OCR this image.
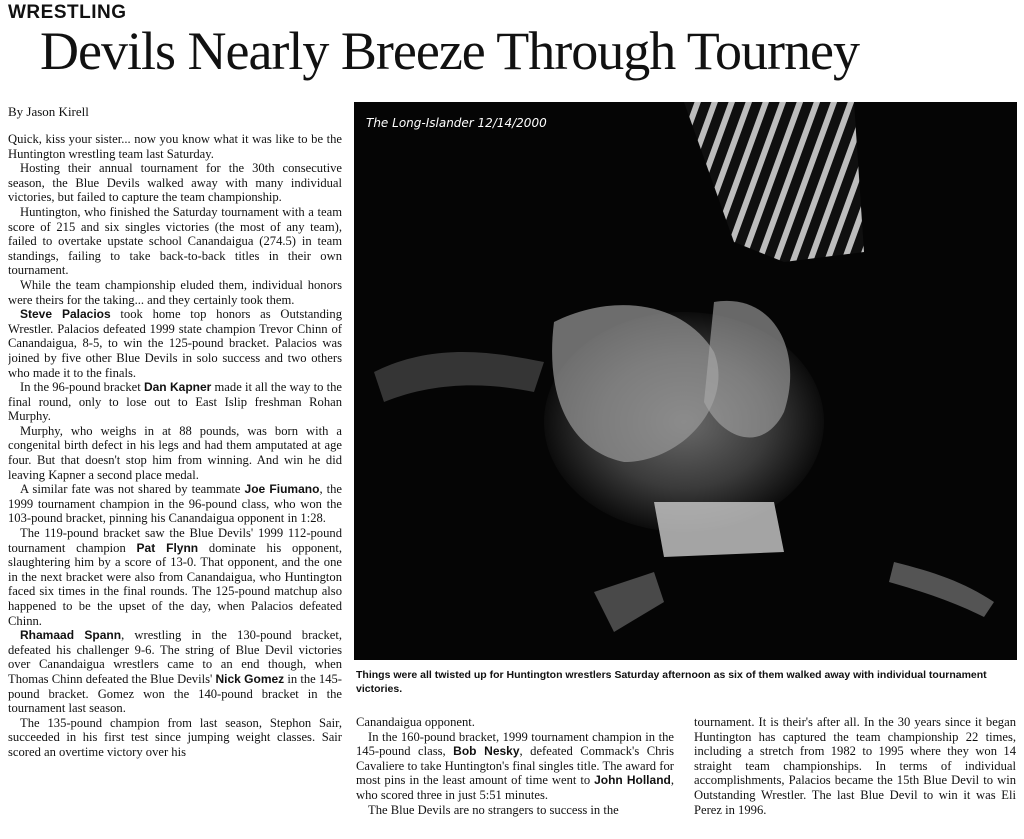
WRESTLING
Devils Nearly Breeze Through Tourney
By Jason Kirell

Quick, kiss your sister... now you know what it was like to be the Huntington wrestling team last Saturday.

Hosting their annual tournament for the 30th consecutive season, the Blue Devils walked away with many individual victories, but failed to capture the team championship.

Huntington, who finished the Saturday tournament with a team score of 215 and six singles victories (the most of any team), failed to overtake upstate school Canandaigua (274.5) in team standings, failing to take back-to-back titles in their own tournament.

While the team championship eluded them, individual honors were theirs for the taking... and they certainly took them.

Steve Palacios took home top honors as Outstanding Wrestler. Palacios defeated 1999 state champion Trevor Chinn of Canandaigua, 8-5, to win the 125-pound bracket. Palacios was joined by five other Blue Devils in solo success and two others who made it to the finals.

In the 96-pound bracket Dan Kapner made it all the way to the final round, only to lose out to East Islip freshman Rohan Murphy.

Murphy, who weighs in at 88 pounds, was born with a congenital birth defect in his legs and had them amputated at age four. But that doesn't stop him from winning. And win he did leaving Kapner a second place medal.

A similar fate was not shared by teammate Joe Fiumano, the 1999 tournament champion in the 96-pound class, who won the 103-pound bracket, pinning his Canandaigua opponent in 1:28.

The 119-pound bracket saw the Blue Devils' 1999 112-pound tournament champion Pat Flynn dominate his opponent, slaughtering him by a score of 13-0. That opponent, and the one in the next bracket were also from Canandaigua, who Huntington faced six times in the final rounds. The 125-pound matchup also happened to be the upset of the day, when Palacios defeated Chinn.

Rhamaad Spann, wrestling in the 130-pound bracket, defeated his challenger 9-6. The string of Blue Devil victories over Canandaigua wrestlers came to an end though, when Thomas Chinn defeated the Blue Devils' Nick Gomez in the 145-pound bracket. Gomez won the 140-pound bracket in the tournament last season.

The 135-pound champion from last season, Stephon Sair, succeeded in his first test since jumping weight classes. Sair scored an overtime victory over his

The Long-Islander 12/14/2000
Things were all twisted up for Huntington wrestlers Saturday afternoon as six of them walked away with individual tournament victories.

Canandaigua opponent.

In the 160-pound bracket, 1999 tournament champion in the 145-pound class, Bob Nesky, defeated Commack's Chris Cavaliere to take Huntington's final singles title. The award for most pins in the least amount of time went to John Holland, who scored three in just 5:51 minutes.

The Blue Devils are no strangers to success in the

tournament. It is their's after all. In the 30 years since it began Huntington has captured the team championship 22 times, including a stretch from 1982 to 1995 where they won 14 straight team championships. In terms of individual accomplishments, Palacios became the 15th Blue Devil to win Outstanding Wrestler. The last Blue Devil to win it was Eli Perez in 1996.
